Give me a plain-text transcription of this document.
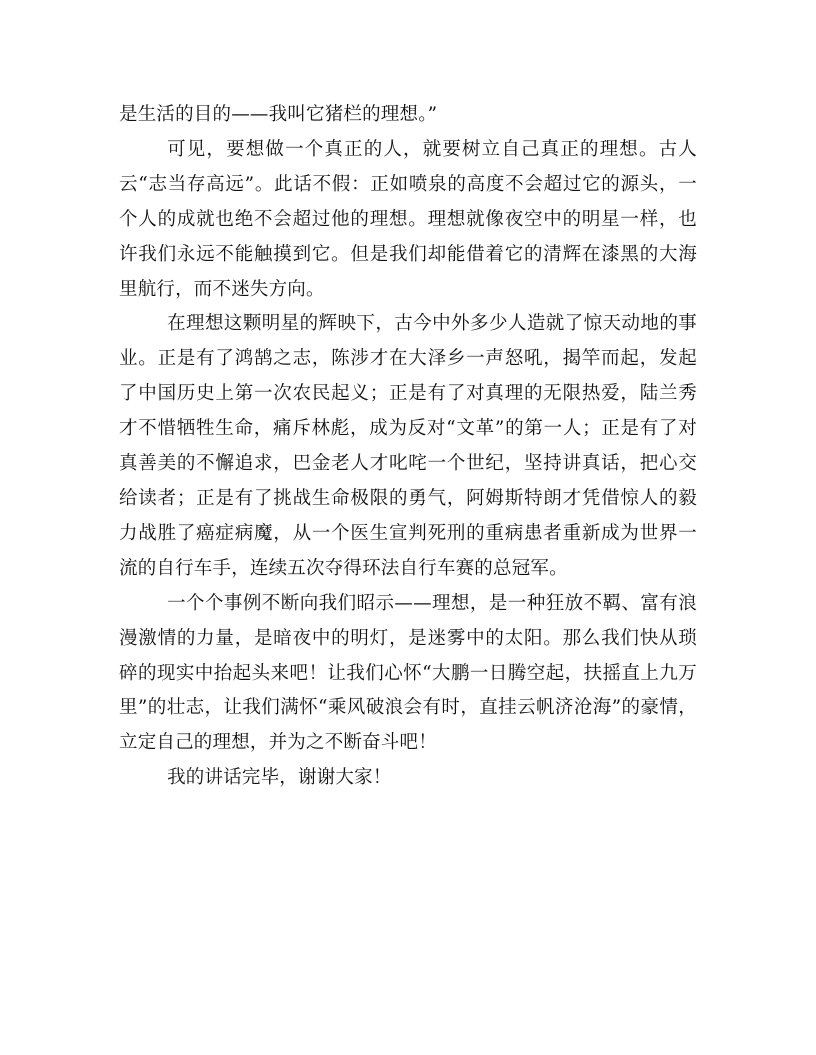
是生活的目的——我叫它猪栏的理想。”

可见，要想做一个真正的人，就要树立自己真正的理想。古人云“志当存高远”。此话不假：正如喷泉的高度不会超过它的源头，一个人的成就也绝不会超过他的理想。理想就像夜空中的明星一样，也许我们永远不能触摸到它。但是我们却能借着它的清辉在漆黑的大海里航行，而不迷失方向。

在理想这颗明星的辉映下，古今中外多少人造就了惊天动地的事业。正是有了鸿鹄之志，陈涉才在大泽乡一声怒吼，揭竿而起，发起了中国历史上第一次农民起义；正是有了对真理的无限热爱，陆兰秀才不惜牺牲生命，痛斥林彪，成为反对“文革”的第一人；正是有了对真善美的不懈追求，巴金老人才叱咤一个世纪，坚持讲真话，把心交给读者；正是有了挑战生命极限的勇气，阿姆斯特朗才凭借惊人的毅力战胜了癌症病魔，从一个医生宣判死刑的重病患者重新成为世界一流的自行车手，连续五次夺得环法自行车赛的总冠军。

一个个事例不断向我们昭示——理想，是一种狂放不羁、富有浪漫激情的力量，是暗夜中的明灯，是迷雾中的太阳。那么我们快从琐碎的现实中抬起头来吧！让我们心怀“大鹏一日腾空起，扶摇直上九万里”的壮志，让我们满怀“乘风破浪会有时，直挂云帆济沧海”的豪情，立定自己的理想，并为之不断奋斗吧！

我的讲话完毕，谢谢大家！
